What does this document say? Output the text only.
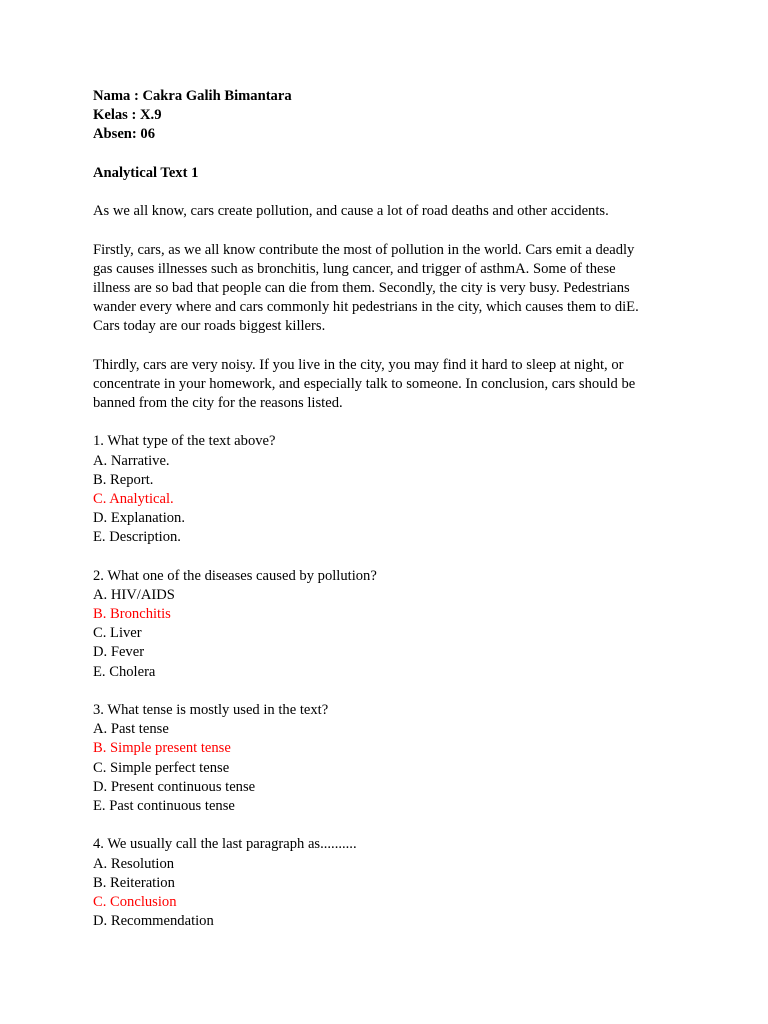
Nama : Cakra Galih Bimantara
Kelas : X.9
Absen: 06
Analytical Text 1
As we all know, cars create pollution, and cause a lot of road deaths and other accidents.
Firstly, cars, as we all know contribute the most of pollution in the world. Cars emit a deadly
gas causes illnesses such as bronchitis, lung cancer, and trigger of asthmA. Some of these
illness are so bad that people can die from them. Secondly, the city is very busy. Pedestrians
wander every where and cars commonly hit pedestrians in the city, which causes them to diE.
Cars today are our roads biggest killers.
Thirdly, cars are very noisy. If you live in the city, you may find it hard to sleep at night, or
concentrate in your homework, and especially talk to someone. In conclusion, cars should be
banned from the city for the reasons listed.
1. What type of the text above?
A. Narrative.
B. Report.
C. Analytical.
D. Explanation.
E. Description.
2. What one of the diseases caused by pollution?
A. HIV/AIDS
B. Bronchitis
C. Liver
D. Fever
E. Cholera
3. What tense is mostly used in the text?
A. Past tense
B. Simple present tense
C. Simple perfect tense
D. Present continuous tense
E. Past continuous tense
4. We usually call the last paragraph as..........
A. Resolution
B. Reiteration
C. Conclusion
D. Recommendation
